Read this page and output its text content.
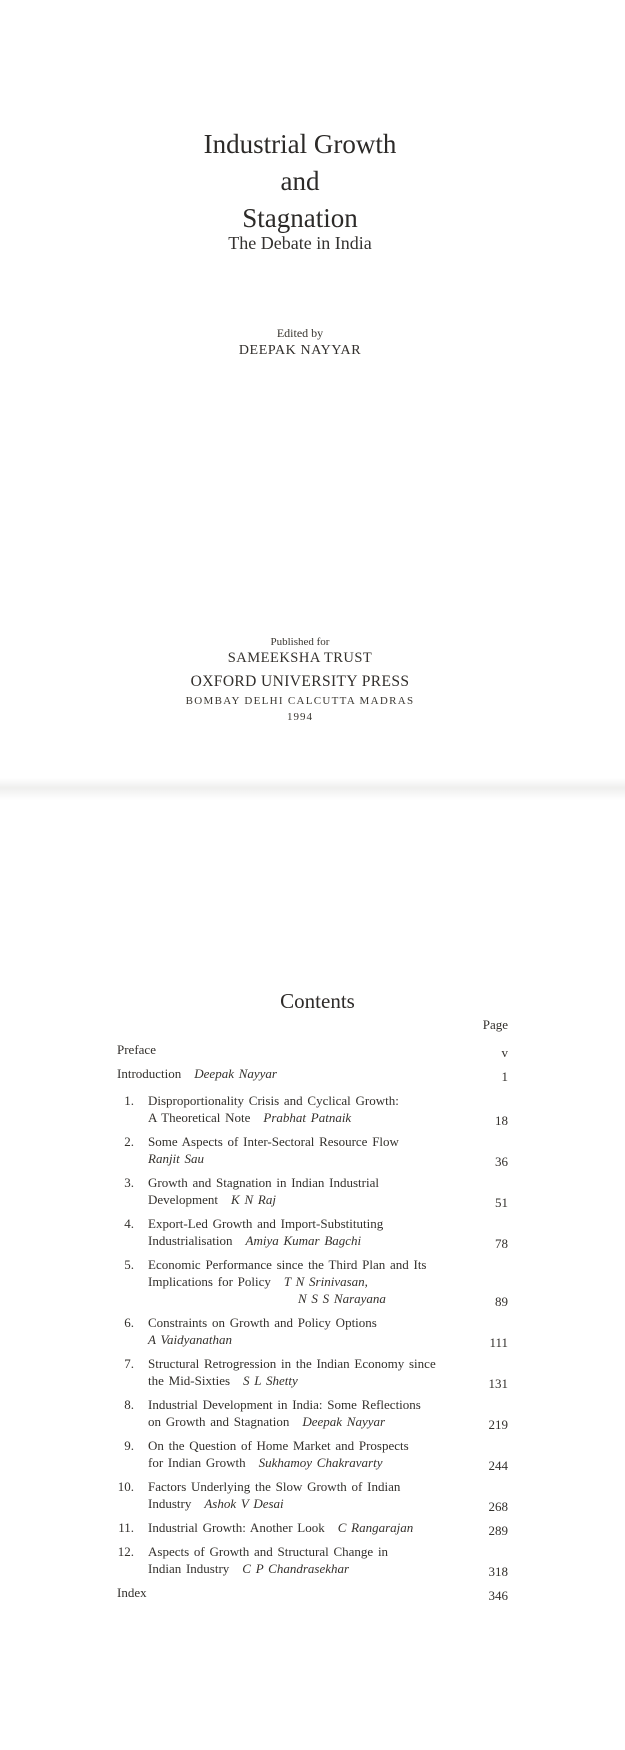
Industrial Growth
and
Stagnation
The Debate in India
Edited by
DEEPAK NAYYAR
Published for
SAMEEKSHA TRUST
OXFORD UNIVERSITY PRESS
BOMBAY DELHI CALCUTTA MADRAS
1994
Contents
Page
Preface	v
Introduction Deepak Nayyar	1
1. Disproportionality Crisis and Cyclical Growth:
A Theoretical Note Prabhat Patnaik	18
2. Some Aspects of Inter-Sectoral Resource Flow
Ranjit Sau	36
3. Growth and Stagnation in Indian Industrial
Development K N Raj	51
4. Export-Led Growth and Import-Substituting
Industrialisation Amiya Kumar Bagchi	78
5. Economic Performance since the Third Plan and Its
Implications for Policy T N Srinivasan,
N S S Narayana	89
6. Constraints on Growth and Policy Options
A Vaidyanathan	111
7. Structural Retrogression in the Indian Economy since
the Mid-Sixties S L Shetty	131
8. Industrial Development in India: Some Reflections
on Growth and Stagnation Deepak Nayyar	219
9. On the Question of Home Market and Prospects
for Indian Growth Sukhamoy Chakravarty	244
10. Factors Underlying the Slow Growth of Indian
Industry Ashok V Desai	268
11. Industrial Growth: Another Look C Rangarajan	289
12. Aspects of Growth and Structural Change in
Indian Industry C P Chandrasekhar	318
Index	346
